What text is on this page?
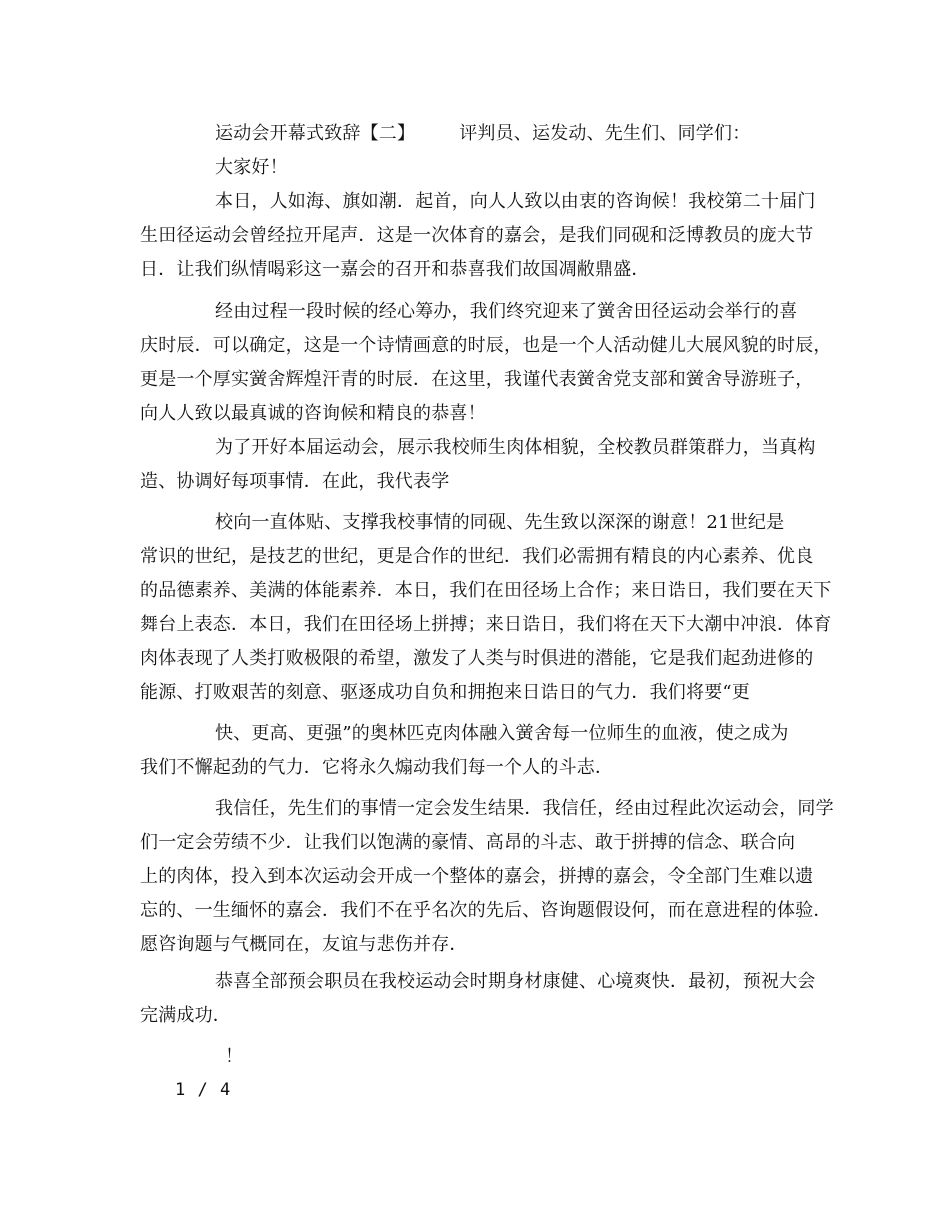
运动会开幕式致辞【二】 评判员、运发动、先生们、同学们：
大家好！
本日，人如海、旗如潮．起首，向人人致以由衷的咨询候！我校第二十届门
生田径运动会曾经拉开尾声．这是一次体育的嘉会，是我们同砚和泛博教员的庞大节
日．让我们纵情喝彩这一嘉会的召开和恭喜我们故国凋敝鼎盛．
经由过程一段时候的经心筹办，我们终究迎来了黉舍田径运动会举行的喜
庆时辰．可以确定，这是一个诗情画意的时辰，也是一个人活动健儿大展风貌的时辰，
更是一个厚实黉舍辉煌汗青的时辰．在这里，我谨代表黉舍党支部和黉舍导游班子，
向人人致以最真诚的咨询候和精良的恭喜！
为了开好本届运动会，展示我校师生肉体相貌，全校教员群策群力，当真构
造、协调好每项事情．在此，我代表学
校向一直体贴、支撑我校事情的同砚、先生致以深深的谢意！21世纪是
常识的世纪，是技艺的世纪，更是合作的世纪．我们必需拥有精良的内心素养、优良
的品德素养、美满的体能素养．本日，我们在田径场上合作；来日诰日，我们要在天下
舞台上表态．本日，我们在田径场上拼搏；来日诰日，我们将在天下大潮中冲浪．体育
肉体表现了人类打败极限的希望，激发了人类与时俱进的潜能，它是我们起劲进修的
能源、打败艰苦的刻意、驱逐成功自负和拥抱来日诰日的气力．我们将要“更
快、更高、更强”的奥林匹克肉体融入黉舍每一位师生的血液，使之成为
我们不懈起劲的气力．它将永久煽动我们每一个人的斗志．
我信任，先生们的事情一定会发生结果．我信任，经由过程此次运动会，同学
们一定会劳绩不少．让我们以饱满的豪情、高昂的斗志、敢于拼搏的信念、联合向
上的肉体，投入到本次运动会开成一个整体的嘉会，拼搏的嘉会，令全部门生难以遗
忘的、一生缅怀的嘉会．我们不在乎名次的先后、咨询题假设何，而在意进程的体验．
愿咨询题与气概同在，友谊与悲伤并存．
恭喜全部预会职员在我校运动会时期身材康健、心境爽快．最初，预祝大会
完满成功．
！
1 / 4
